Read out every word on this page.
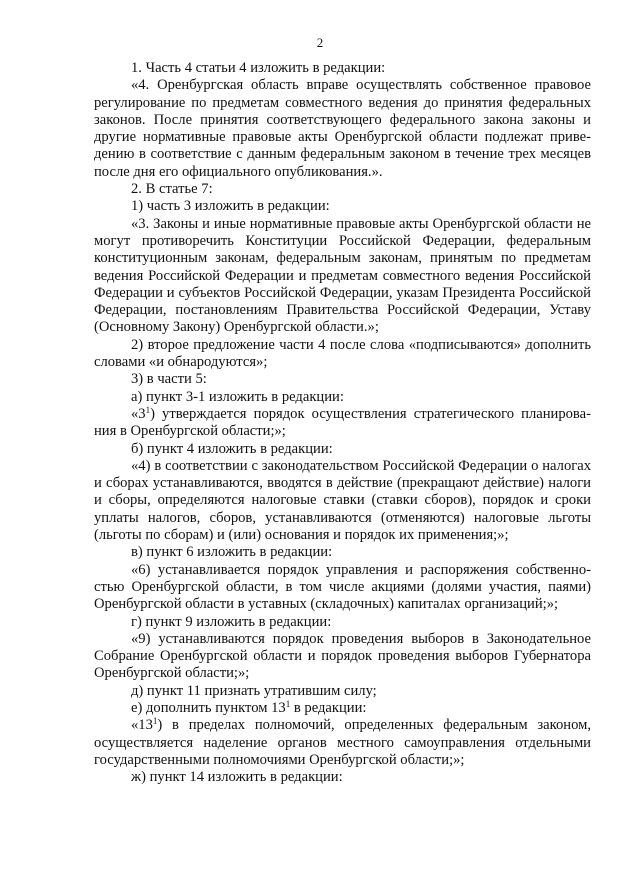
2

1. Часть 4 статьи 4 изложить в редакции:

«4. Оренбургская область вправе осуществлять собственное правовое регулирование по предметам совместного ведения до принятия федеральных законов. После принятия соответствующего федерального закона законы и другие нормативные правовые акты Оренбургской области подлежат приведению в соответствие с данным федеральным законом в течение трех месяцев после дня его официального опубликования.».

2. В статье 7:

1) часть 3 изложить в редакции:

«3. Законы и иные нормативные правовые акты Оренбургской области не могут противоречить Конституции Российской Федерации, федеральным конституционным законам, федеральным законам, принятым по предметам ведения Российской Федерации и предметам совместного ведения Российской Федерации и субъектов Российской Федерации, указам Президента Российской Федерации, постановлениям Правительства Российской Федерации, Уставу (Основному Закону) Оренбургской области.»;

2) второе предложение части 4 после слова «подписываются» дополнить словами «и обнародуются»;

3) в части 5:

а) пункт 3-1 изложить в редакции:

«$3^1$) утверждается порядок осуществления стратегического планирования в Оренбургской области;»;

б) пункт 4 изложить в редакции:

«4) в соответствии с законодательством Российской Федерации о налогах и сборах устанавливаются, вводятся в действие (прекращают действие) налоги и сборы, определяются налоговые ставки (ставки сборов), порядок и сроки уплаты налогов, сборов, устанавливаются (отменяются) налоговые льготы (льготы по сборам) и (или) основания и порядок их применения;»;

в) пункт 6 изложить в редакции:

«6) устанавливается порядок управления и распоряжения собственностью Оренбургской области, в том числе акциями (долями участия, паями) Оренбургской области в уставных (складочных) капиталах организаций;»;

г) пункт 9 изложить в редакции:

«9) устанавливаются порядок проведения выборов в Законодательное Собрание Оренбургской области и порядок проведения выборов Губернатора Оренбургской области;»;

д) пункт 11 признать утратившим силу;

е) дополнить пунктом $13^1$ в редакции:

«$13^1$) в пределах полномочий, определенных федеральным законом, осуществляется наделение органов местного самоуправления отдельными государственными полномочиями Оренбургской области;»;

ж) пункт 14 изложить в редакции:
